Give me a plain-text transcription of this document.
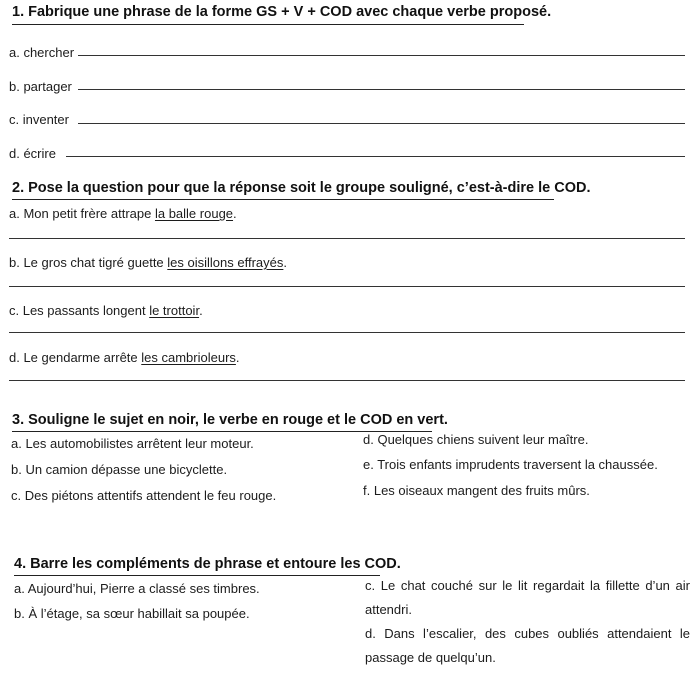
1. Fabrique une phrase de la forme GS + V + COD avec chaque verbe proposé.
a. chercher
b. partager
c. inventer
d. écrire
2. Pose la question pour que la réponse soit le groupe souligné, c’est-à-dire le COD.
a. Mon petit frère attrape la balle rouge.
b. Le gros chat tigré guette les oisillons effrayés.
c. Les passants longent le trottoir.
d. Le gendarme arrête les cambrioleurs.
3. Souligne le sujet en noir, le verbe en rouge et le COD en vert.
a. Les automobilistes arrêtent leur moteur.
b. Un camion dépasse une bicyclette.
c. Des piétons attentifs attendent le feu rouge.
d. Quelques chiens suivent leur maître.
e. Trois enfants imprudents traversent la chaussée.
f. Les oiseaux mangent des fruits mûrs.
4. Barre les compléments de phrase et entoure les COD.
a. Aujourd’hui, Pierre a classé ses timbres.
b. À l’étage, sa sœur habillait sa poupée.
c. Le chat couché sur le lit regardait la fillette d’un air attendri.
d. Dans l’escalier, des cubes oubliés attendaient le passage de quelqu’un.
